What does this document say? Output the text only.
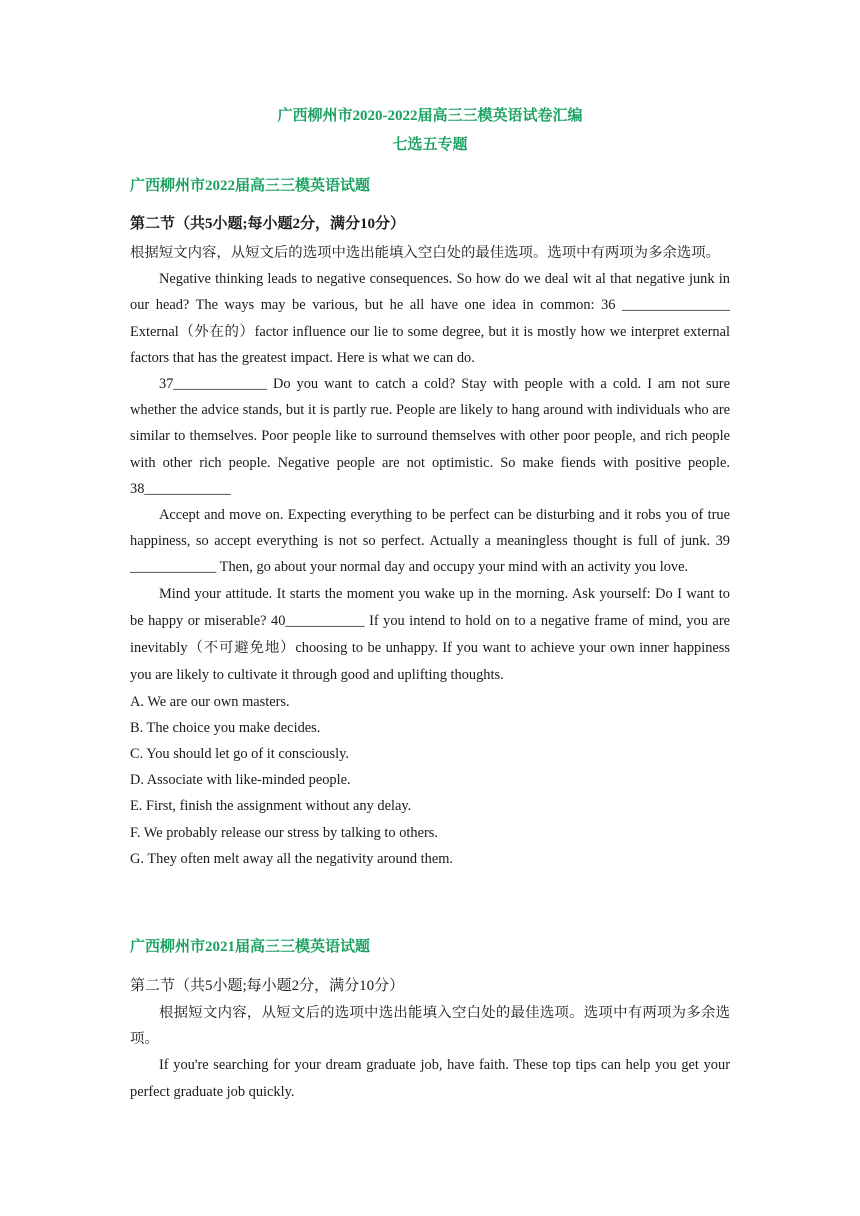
广西柳州市2020-2022届高三三模英语试卷汇编
七选五专题
广西柳州市2022届高三三模英语试题
第二节（共5小题;每小题2分，满分10分）

根据短文内容，从短文后的选项中选出能填入空白处的最佳选项。选项中有两项为多余选项。

Negative thinking leads to negative consequences. So how do we deal wit al that negative junk in our head? The ways may be various, but he all have one idea in common: 36 _______________ External（外在的）factor influence our lie to some degree, but it is mostly how we interpret external factors that has the greatest impact. Here is what we can do.

37_____________ Do you want to catch a cold? Stay with people with a cold. I am not sure whether the advice stands, but it is partly rue. People are likely to hang around with individuals who are similar to themselves. Poor people like to surround themselves with other poor people, and rich people with other rich people. Negative people are not optimistic. So make fiends with positive people. 38____________

Accept and move on. Expecting everything to be perfect can be disturbing and it robs you of true happiness, so accept everything is not so perfect. Actually a meaningless thought is full of junk. 39 ____________ Then, go about your normal day and occupy your mind with an activity you love.

Mind your attitude. It starts the moment you wake up in the morning. Ask yourself: Do I want to be happy or miserable? 40___________ If you intend to hold on to a negative frame of mind, you are inevitably（不可避免地）choosing to be unhappy. If you want to achieve your own inner happiness you are likely to cultivate it through good and uplifting thoughts.

A. We are our own masters.

B. The choice you make decides.

C. You should let go of it consciously.

D. Associate with like-minded people.

E. First, finish the assignment without any delay.

F. We probably release our stress by talking to others.

G. They often melt away all the negativity around them.

广西柳州市2021届高三三模英语试题
第二节（共5小题;每小题2分，满分10分）

根据短文内容，从短文后的选项中选出能填入空白处的最佳选项。选项中有两项为多余选项。

If you're searching for your dream graduate job, have faith. These top tips can help you get your perfect graduate job quickly.
